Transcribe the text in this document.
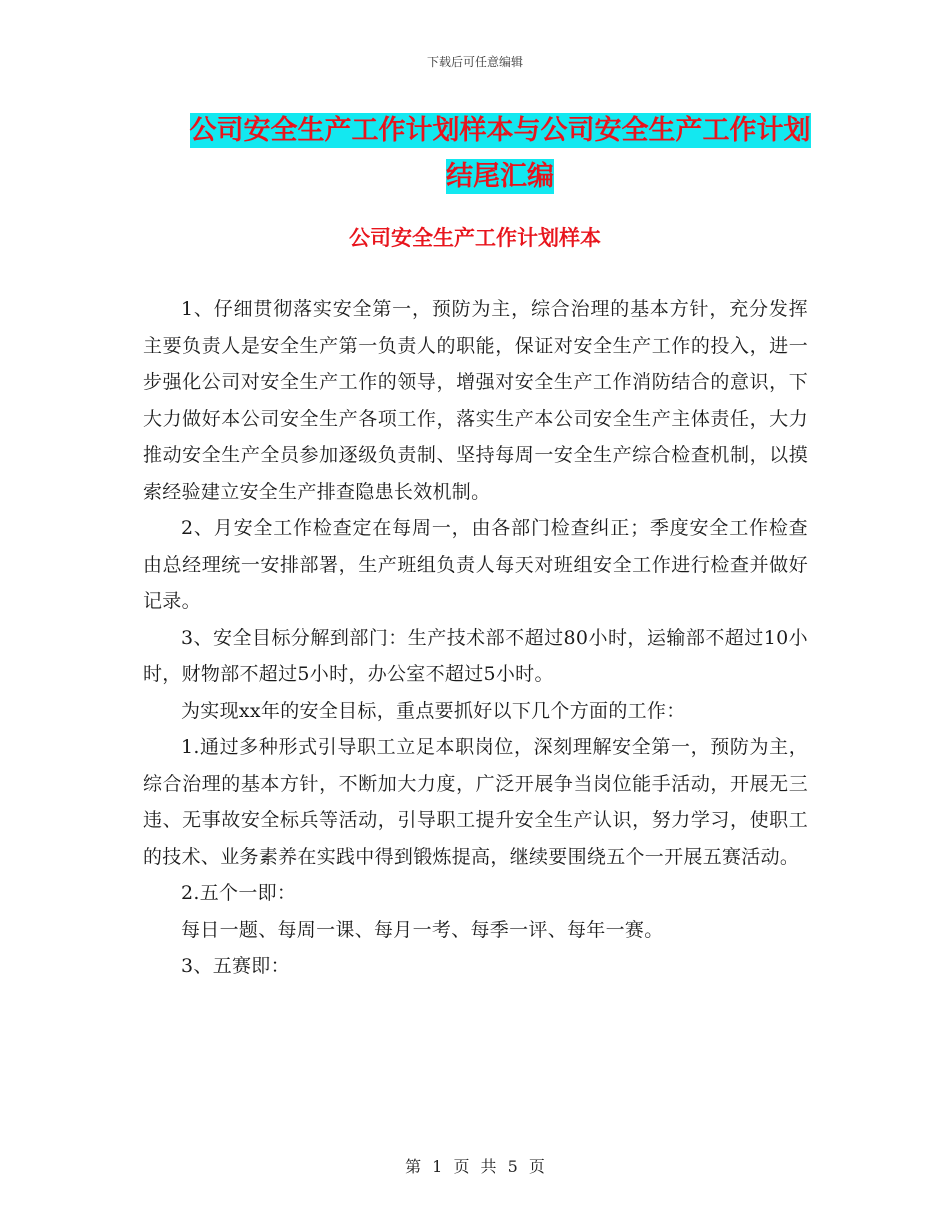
下载后可任意编辑
公司安全生产工作计划样本与公司安全生产工作计划
结尾汇编
公司安全生产工作计划样本

1、仔细贯彻落实安全第一，预防为主，综合治理的基本方针，充分发挥主要负责人是安全生产第一负责人的职能，保证对安全生产工作的投入，进一步强化公司对安全生产工作的领导，增强对安全生产工作消防结合的意识，下大力做好本公司安全生产各项工作，落实生产本公司安全生产主体责任，大力推动安全生产全员参加逐级负责制、坚持每周一安全生产综合检查机制，以摸索经验建立安全生产排查隐患长效机制。

2、月安全工作检查定在每周一，由各部门检查纠正；季度安全工作检查由总经理统一安排部署，生产班组负责人每天对班组安全工作进行检查并做好记录。

3、安全目标分解到部门：生产技术部不超过80小时，运输部不超过10小时，财物部不超过5小时，办公室不超过5小时。

为实现xx年的安全目标，重点要抓好以下几个方面的工作：

1.通过多种形式引导职工立足本职岗位，深刻理解安全第一，预防为主，综合治理的基本方针，不断加大力度，广泛开展争当岗位能手活动，开展无三违、无事故安全标兵等活动，引导职工提升安全生产认识，努力学习，使职工的技术、业务素养在实践中得到锻炼提高，继续要围绕五个一开展五赛活动。

2.五个一即：

每日一题、每周一课、每月一考、每季一评、每年一赛。

3、五赛即：

第 1 页 共 5 页
